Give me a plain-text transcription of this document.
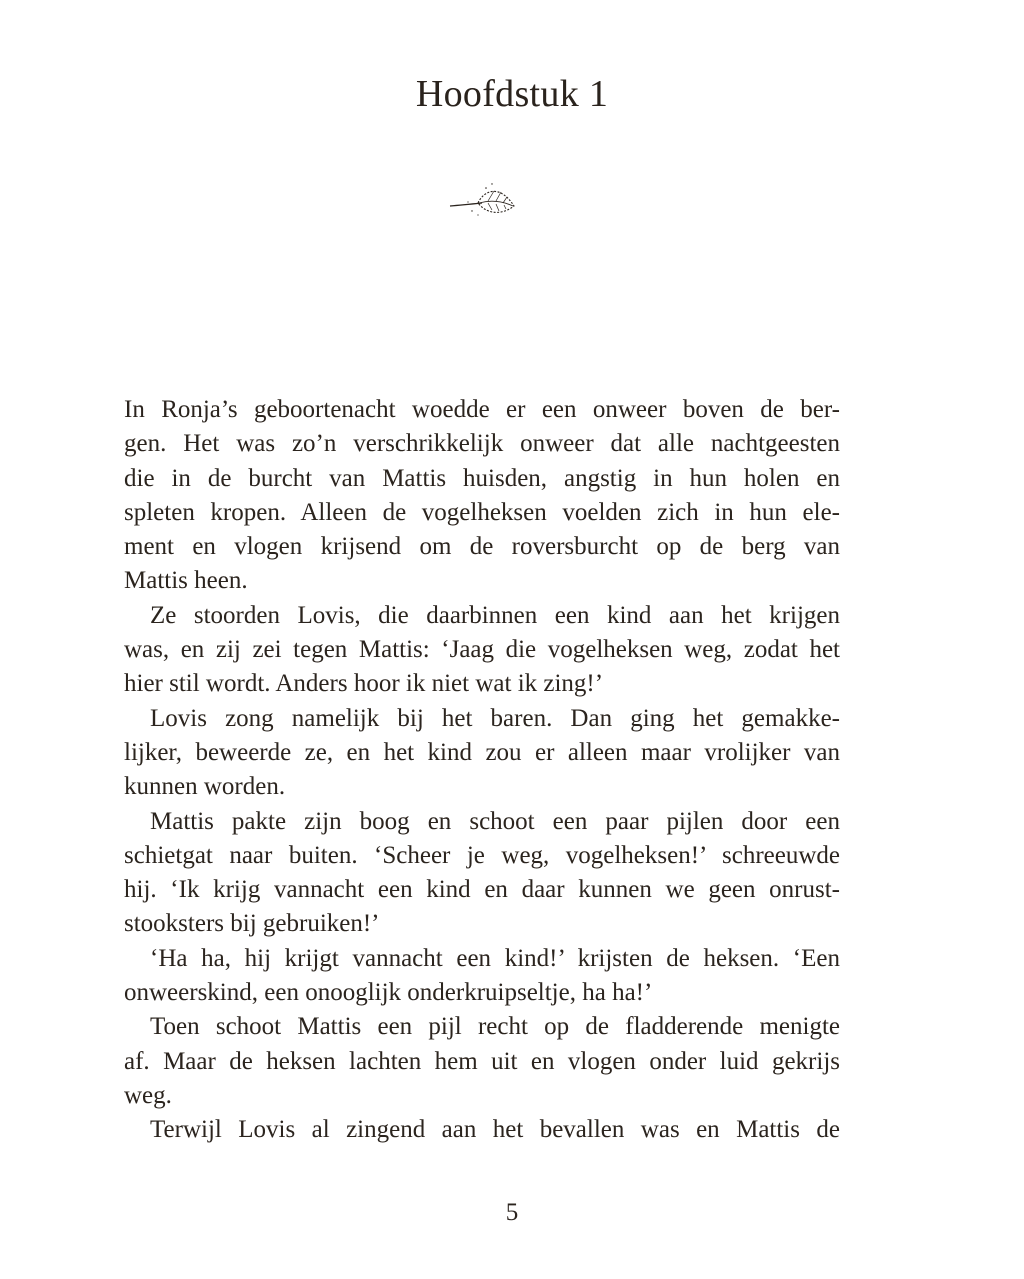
Hoofdstuk 1
In Ronja’s geboortenacht woedde er een onweer boven de ber-
gen. Het was zo’n verschrikkelijk onweer dat alle nachtgeesten
die in de burcht van Mattis huisden, angstig in hun holen en
spleten kropen. Alleen de vogelheksen voelden zich in hun ele-
ment en vlogen krijsend om de roversburcht op de berg van
Mattis heen.
Ze stoorden Lovis, die daarbinnen een kind aan het krijgen
was, en zij zei tegen Mattis: ‘Jaag die vogelheksen weg, zodat het
hier stil wordt. Anders hoor ik niet wat ik zing!’
Lovis zong namelijk bij het baren. Dan ging het gemakke-
lijker, beweerde ze, en het kind zou er alleen maar vrolijker van
kunnen worden.
Mattis pakte zijn boog en schoot een paar pijlen door een
schietgat naar buiten. ‘Scheer je weg, vogelheksen!’ schreeuwde
hij. ‘Ik krijg vannacht een kind en daar kunnen we geen onrust-
stooksters bij gebruiken!’
‘Ha ha, hij krijgt vannacht een kind!’ krijsten de heksen. ‘Een
onweerskind, een onooglijk onderkruipseltje, ha ha!’
Toen schoot Mattis een pijl recht op de fladderende menigte
af. Maar de heksen lachten hem uit en vlogen onder luid gekrijs
weg.
Terwijl Lovis al zingend aan het bevallen was en Mattis de
5
